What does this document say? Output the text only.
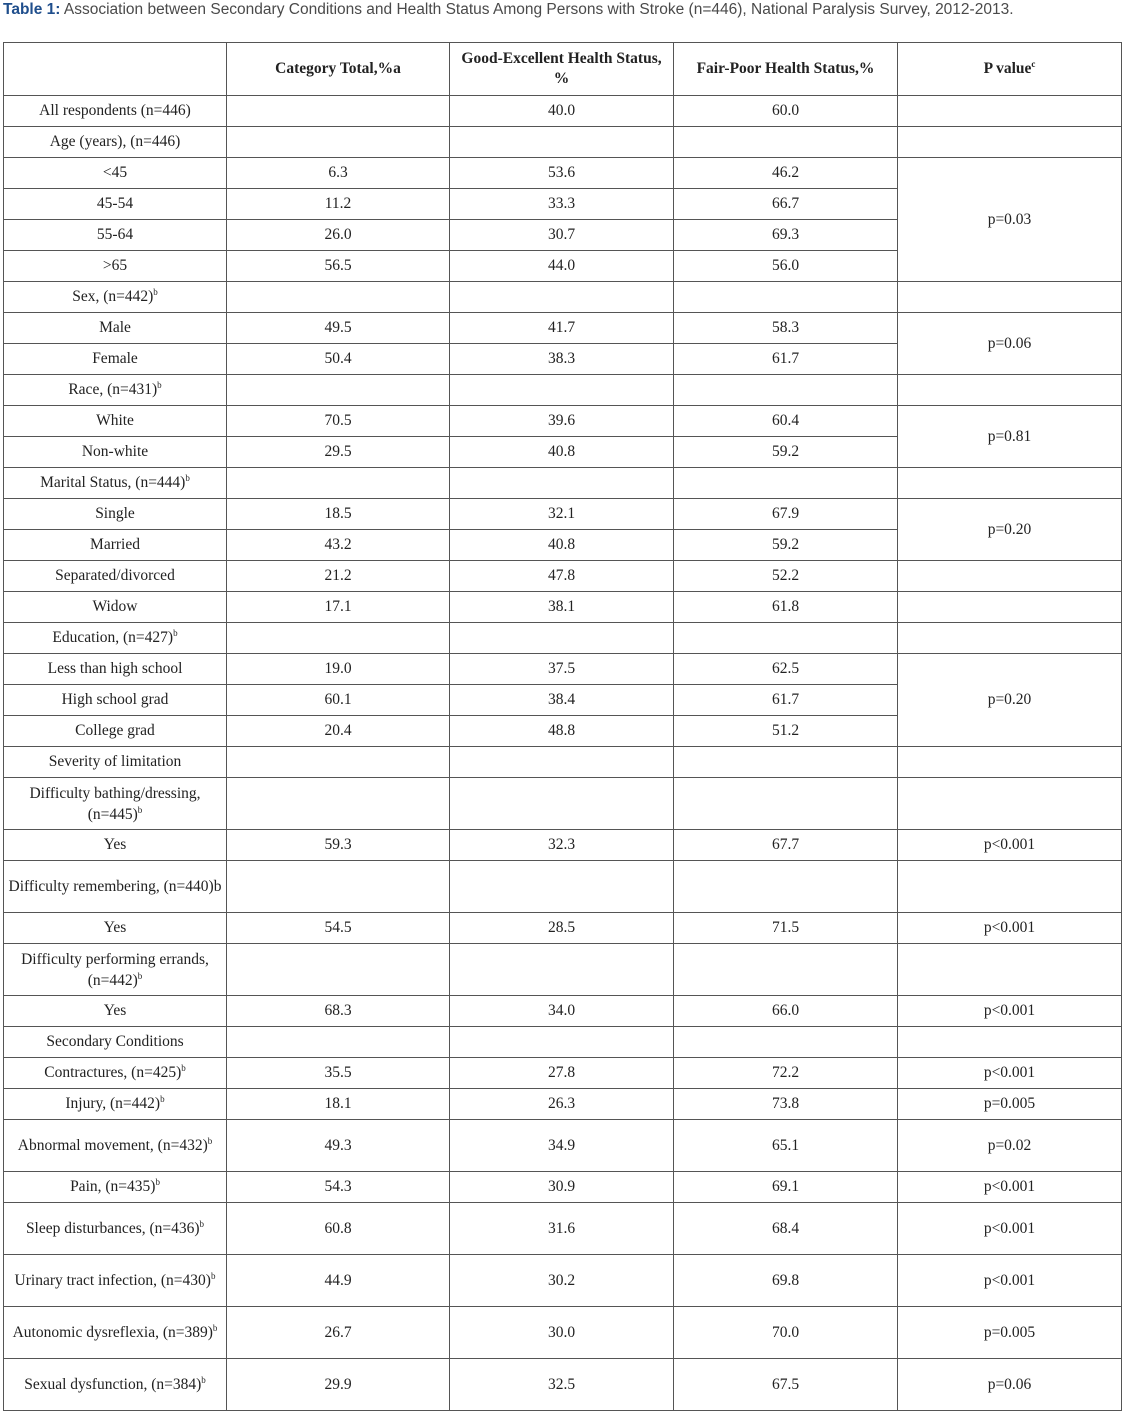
Table 1: Association between Secondary Conditions and Health Status Among Persons with Stroke (n=446), National Paralysis Survey, 2012-2013.

	Category Total,%a	Good-Excellent Health Status, %	Fair-Poor Health Status,%	P value$^c$
All respondents (n=446)		40.0	60.0	
Age (years), (n=446)				
<45	6.3	53.6	46.2	p=0.03
45-54	11.2	33.3	66.7	
55-64	26.0	30.7	69.3	
>65	56.5	44.0	56.0	
Sex, (n=442)$^b$				
Male	49.5	41.7	58.3	p=0.06
Female	50.4	38.3	61.7	
Race, (n=431)$^b$				
White	70.5	39.6	60.4	p=0.81
Non-white	29.5	40.8	59.2	
Marital Status, (n=444)$^b$				
Single	18.5	32.1	67.9	p=0.20
Married	43.2	40.8	59.2	
Separated/divorced	21.2	47.8	52.2	
Widow	17.1	38.1	61.8	
Education, (n=427)$^b$				
Less than high school	19.0	37.5	62.5	p=0.20
High school grad	60.1	38.4	61.7	
College grad	20.4	48.8	51.2	
Severity of limitation				
Difficulty bathing/dressing, (n=445)$^b$				
Yes	59.3	32.3	67.7	p<0.001
Difficulty remembering, (n=440)b				
Yes	54.5	28.5	71.5	p<0.001
Difficulty performing errands, (n=442)$^b$				
Yes	68.3	34.0	66.0	p<0.001
Secondary Conditions				
Contractures, (n=425)$^b$	35.5	27.8	72.2	p<0.001
Injury, (n=442)$^b$	18.1	26.3	73.8	p=0.005
Abnormal movement, (n=432)$^b$	49.3	34.9	65.1	p=0.02
Pain, (n=435)$^b$	54.3	30.9	69.1	p<0.001
Sleep disturbances, (n=436)$^b$	60.8	31.6	68.4	p<0.001
Urinary tract infection, (n=430)$^b$	44.9	30.2	69.8	p<0.001
Autonomic dysreflexia, (n=389)$^b$	26.7	30.0	70.0	p=0.005
Sexual dysfunction, (n=384)$^b$	29.9	32.5	67.5	p=0.06
